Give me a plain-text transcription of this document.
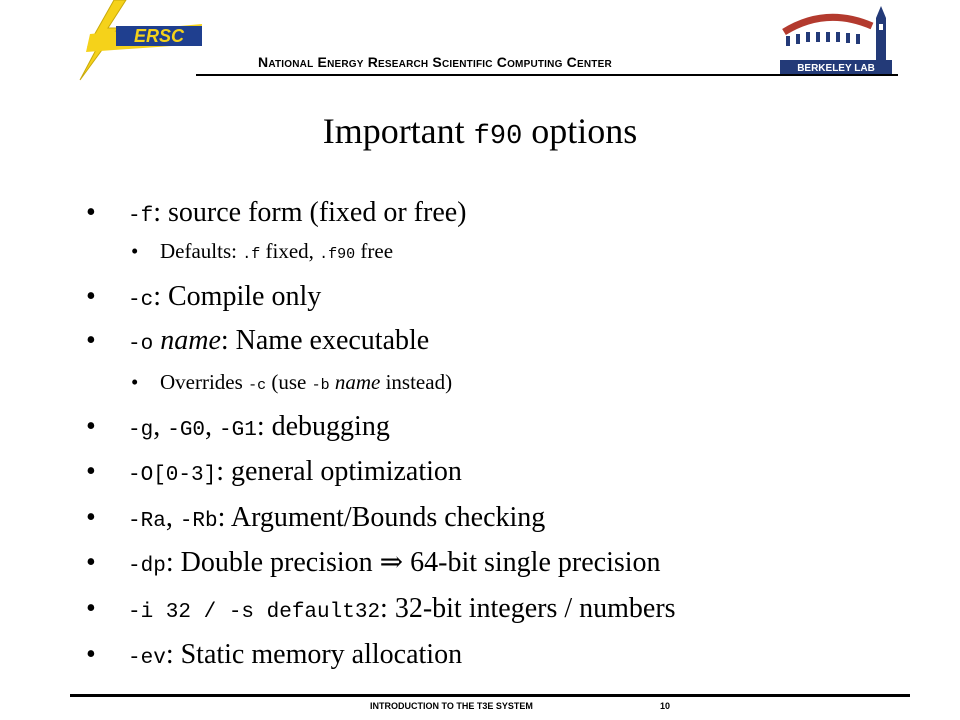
ERSC
NATIONAL ENERGY RESEARCH SCIENTIFIC COMPUTING CENTER	BERKELEY LAB
Important f90 options
• -f: source form (fixed or free)
• Defaults: .f fixed, .f90 free
• -c: Compile only
• -o name: Name executable
• Overrides -c (use -b name instead)
• -g, -G0, -G1: debugging
• -O[0-3]: general optimization
• -Ra, -Rb: Argument/Bounds checking
• -dp: Double precision ⇒ 64-bit single precision
• -i 32 / -s default32: 32-bit integers / numbers
• -ev: Static memory allocation
INTRODUCTION TO THE T3E SYSTEM	10
